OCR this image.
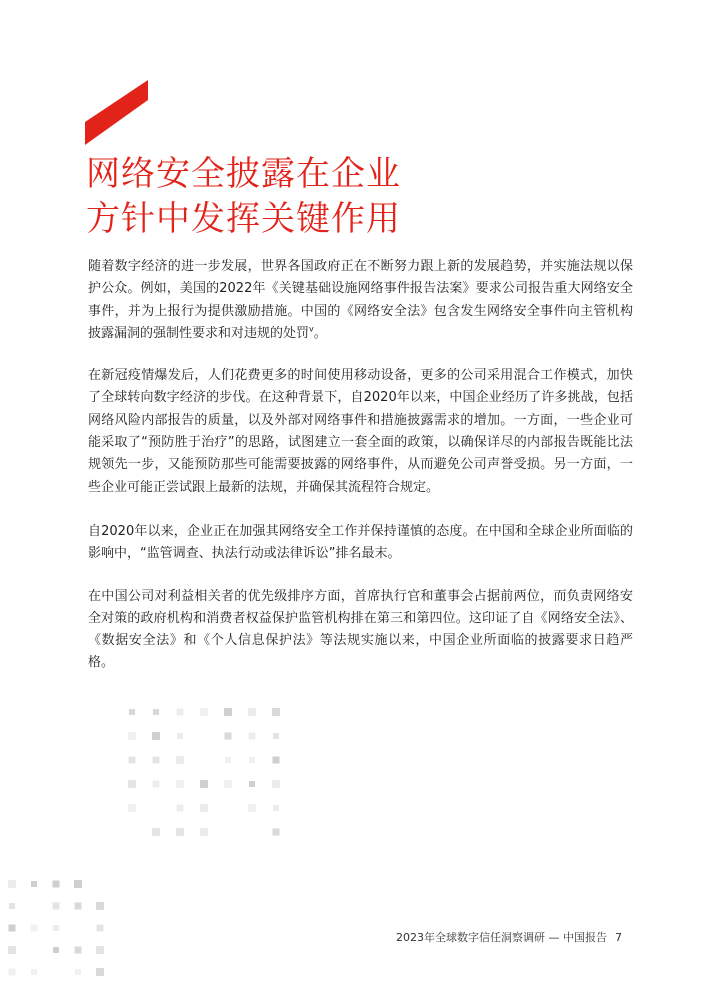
网络安全披露在企业
方针中发挥关键作用

随着数字经济的进一步发展，世界各国政府正在不断努力跟上新的发展趋势，并实施法规以保护公众。例如，美国的2022年《关键基础设施网络事件报告法案》要求公司报告重大网络安全事件，并为上报行为提供激励措施。中国的《网络安全法》包含发生网络安全事件向主管机构披露漏洞的强制性要求和对违规的处罚$^v$。

在新冠疫情爆发后，人们花费更多的时间使用移动设备，更多的公司采用混合工作模式，加快了全球转向数字经济的步伐。在这种背景下，自2020年以来，中国企业经历了许多挑战，包括网络风险内部报告的质量，以及外部对网络事件和措施披露需求的增加。一方面，一些企业可能采取了“预防胜于治疗”的思路，试图建立一套全面的政策，以确保详尽的内部报告既能比法规领先一步，又能预防那些可能需要披露的网络事件，从而避免公司声誉受损。另一方面，一些企业可能正尝试跟上最新的法规，并确保其流程符合规定。

自2020年以来，企业正在加强其网络安全工作并保持谨慎的态度。在中国和全球企业所面临的影响中，“监管调查、执法行动或法律诉讼”排名最末。

在中国公司对利益相关者的优先级排序方面，首席执行官和董事会占据前两位，而负责网络安全对策的政府机构和消费者权益保护监管机构排在第三和第四位。这印证了自《网络安全法》、《数据安全法》和《个人信息保护法》等法规实施以来，中国企业所面临的披露要求日趋严格。

2023年全球数字信任洞察调研 — 中国报告 7
